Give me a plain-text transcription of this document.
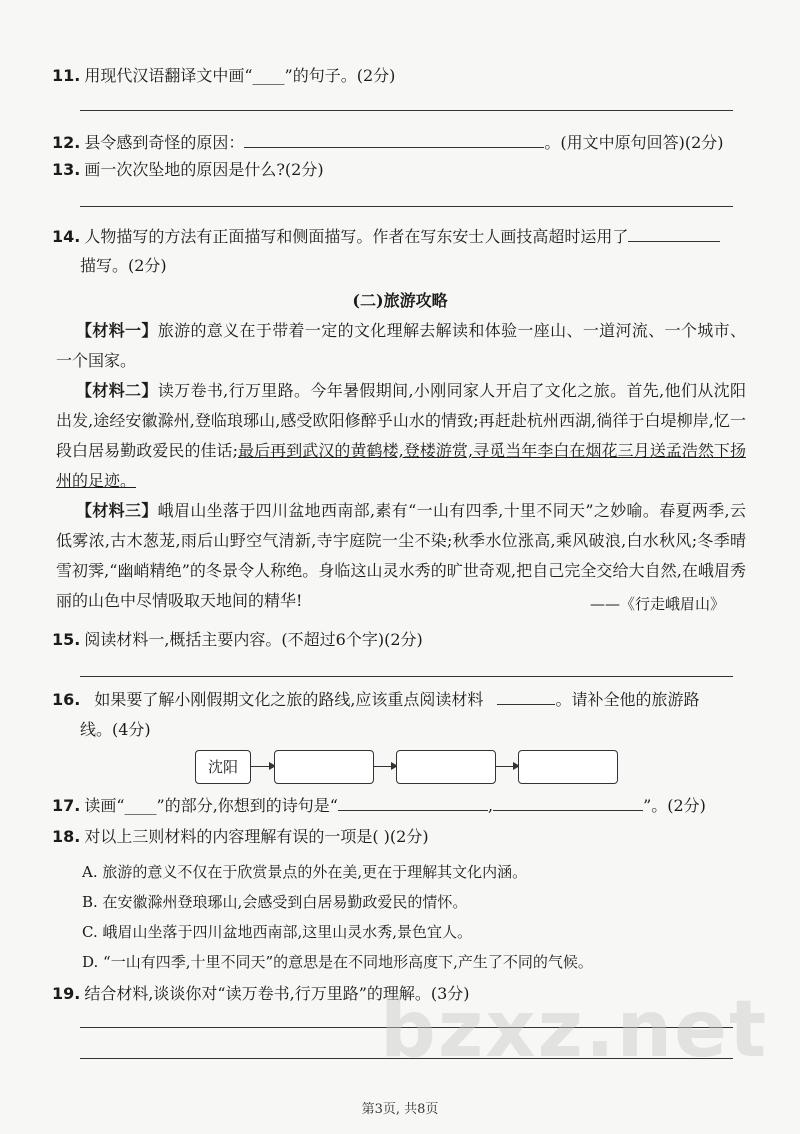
11. 用现代汉语翻译文中画“____”的句子。(2分)
12. 县令感到奇怪的原因：	。(用文中原句回答)(2分)
13. 画一次次坠地的原因是什么?(2分)
14. 人物描写的方法有正面描写和侧面描写。作者在写东安士人画技高超时运用了
描写。(2分)
(二)旅游攻略
【材料一】旅游的意义在于带着一定的文化理解去解读和体验一座山、一道河流、一个城市、一个国家。
【材料二】读万卷书,行万里路。今年暑假期间,小刚同家人开启了文化之旅。首先,他们从沈阳出发,途经安徽滁州,登临琅琊山,感受欧阳修醉乎山水的情致;再赶赴杭州西湖,徜徉于白堤柳岸,忆一段白居易勤政爱民的佳话;最后再到武汉的黄鹤楼,登楼游赏,寻觅当年李白在烟花三月送孟浩然下扬州的足迹。
【材料三】峨眉山坐落于四川盆地西南部,素有“一山有四季,十里不同天”之妙喻。春夏两季,云低雾浓,古木葱茏,雨后山野空气清新,寺宇庭院一尘不染;秋季水位涨高,乘风破浪,白水秋风;冬季晴雪初霁,“幽峭精绝”的冬景令人称绝。身临这山灵水秀的旷世奇观,把自己完全交给大自然,在峨眉秀丽的山色中尽情吸取天地间的精华!	——《行走峨眉山》
15. 阅读材料一,概括主要内容。(不超过6个字)(2分)
16. 如果要了解小刚假期文化之旅的路线,应该重点阅读材料	。请补全他的旅游路
线。(4分)
沈阳
17. 读画“____”的部分,你想到的诗句是“	,	”。(2分)
18. 对以上三则材料的内容理解有误的一项是( )(2分)
A. 旅游的意义不仅在于欣赏景点的外在美,更在于理解其文化内涵。
B. 在安徽滁州登琅琊山,会感受到白居易勤政爱民的情怀。
C. 峨眉山坐落于四川盆地西南部,这里山灵水秀,景色宜人。
D. “一山有四季,十里不同天”的意思是在不同地形高度下,产生了不同的气候。
19. 结合材料,谈谈你对“读万卷书,行万里路”的理解。(3分)
bzxz.net
第3页, 共8页
